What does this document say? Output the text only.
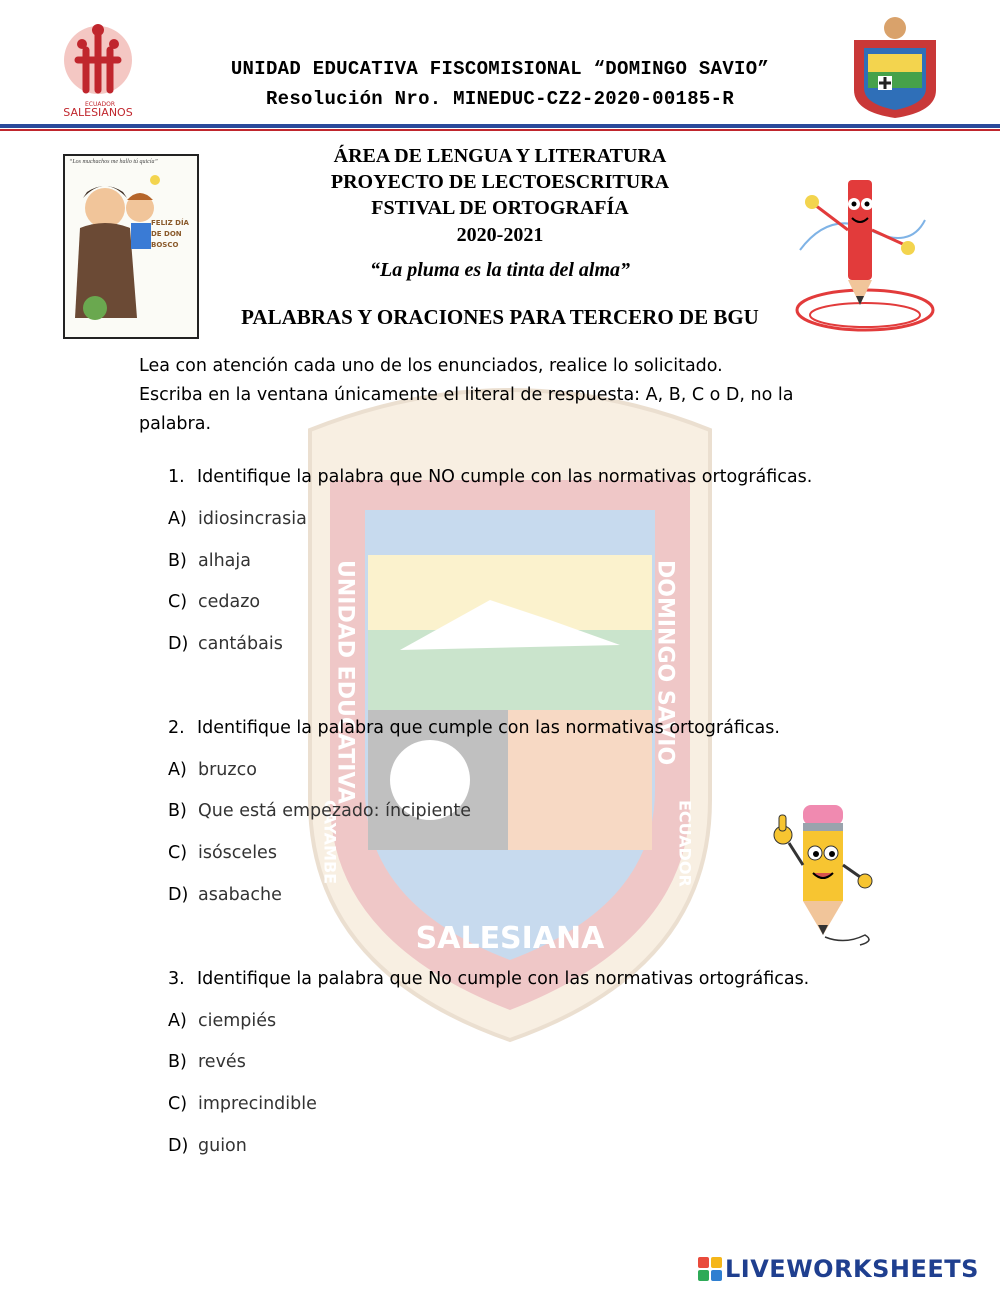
UNIDAD EDUCATIVA	DOMINGO SAVIO
SALESIANA
CAYAMBE	ECUADOR
ECUADOR
SALESIANOS
UNIDAD EDUCATIVA FISCOMISIONAL “DOMINGO SAVIO”
Resolución Nro. MINEDUC-CZ2-2020-00185-R
“Los muchachos me hallo tú quicía”
FELIZ DÍA DE DON BOSCO
ÁREA DE LENGUA Y LITERATURA
PROYECTO DE LECTOESCRITURA
FSTIVAL DE ORTOGRAFÍA
2020-2021
“La pluma es la tinta del alma”
PALABRAS Y ORACIONES PARA TERCERO DE BGU
Lea con atención cada uno de los enunciados, realice lo solicitado.
Escriba en la ventana únicamente el literal de respuesta: A, B, C o D, no la palabra.
1. Identifique la palabra que NO cumple con las normativas ortográficas.
A) idiosincrasia
B) alhaja
C) cedazo
D) cantábais
2. Identifique la palabra que cumple con las normativas ortográficas.
A) bruzco
B) Que está empezado: íncipiente
C) isósceles
D) asabache
3. Identifique la palabra que No cumple con las normativas ortográficas.
A) ciempiés
B) revés
C) imprecindible
D) guion
LIVEWORKSHEETS
